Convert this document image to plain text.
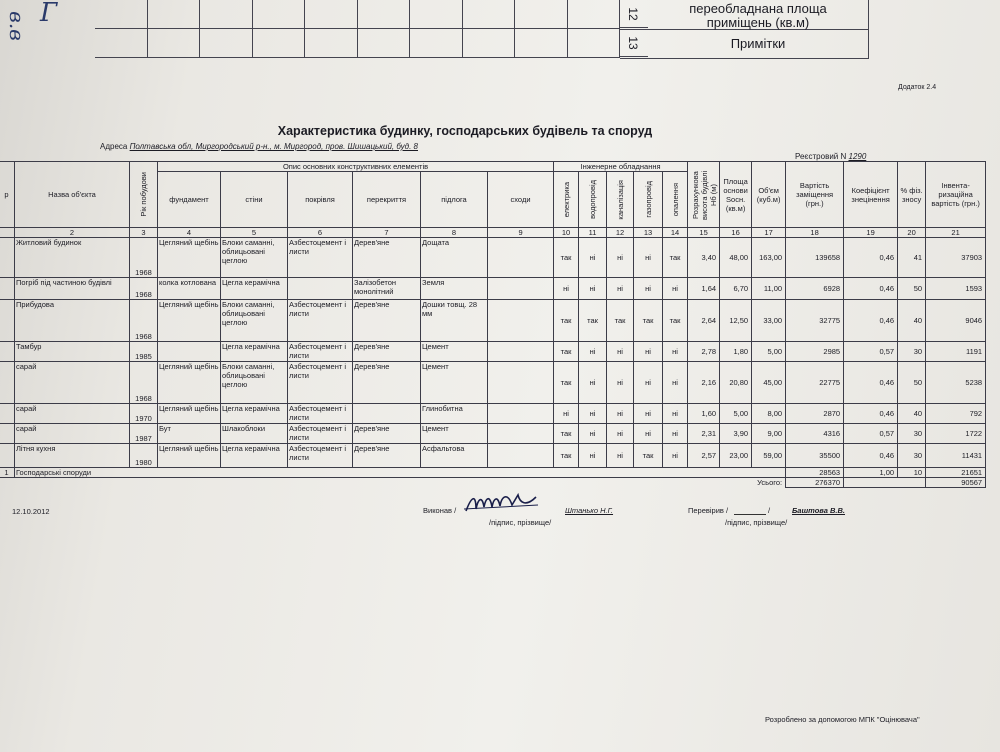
12	переобладнана площа
приміщень (кв.м)
13	Примітки
Г
в.в
Додаток 2.4
Характеристика будинку, господарських будівель та споруд
Адреса Полтавська обл, Миргородський р-н., м. Миргород, пров. Шишацький, буд. 8
Реєстровий N 1290
р	Назва об'єкта	Рік побудови	Опис основних конструктивних елементів						Інженерне обладнання					Розрахункова висота будівлі Нб (м)	Площа основи Sосн. (кв.м)	Об'єм (куб.м)	Вартість заміщення (грн.)	Коефіцієнт знецінення	% фіз. зносу	Інвента-ризаційна вартість (грн.)
			фундамент	стіни	покрівля	перекриття	підлога	сходи	електрика	водопровід	каналізація	газопровід	опалення							

	2	3	4	5	6	7	8	9	10	11	12	13	14	15	16	17	18	19	20	21
	Житловий будинок	1968	Цегляний щебінь	Блоки саманні, облицьовані цеглою	Азбестоцемент і листи	Дерев'яне	Дощата		так	ні	ні	ні	так	3,40	48,00	163,00	139658	0,46	41	37903
	Погріб під частиною будівлі	1968	колка котлована	Цегла керамічна		Залізобетон монолітний	Земля		ні	ні	ні	ні	ні	1,64	6,70	11,00	6928	0,46	50	1593
	Прибудова	1968	Цегляний щебінь	Блоки саманні, облицьовані цеглою	Азбестоцемент і листи	Дерев'яне	Дошки товщ. 28 мм		так	так	так	так	так	2,64	12,50	33,00	32775	0,46	40	9046
	Тамбур	1985		Цегла керамічна	Азбестоцемент і листи	Дерев'яне	Цемент		так	ні	ні	ні	ні	2,78	1,80	5,00	2985	0,57	30	1191
	сарай	1968	Цегляний щебінь	Блоки саманні, облицьовані цеглою	Азбестоцемент і листи	Дерев'яне	Цемент		так	ні	ні	ні	ні	2,16	20,80	45,00	22775	0,46	50	5238
	сарай	1970	Цегляний щебінь	Цегла керамічна	Азбестоцемент і листи		Глинобитна		ні	ні	ні	ні	ні	1,60	5,00	8,00	2870	0,46	40	792
	сарай	1987	Бут	Шлакоблоки	Азбестоцемент і листи	Дерев'яне	Цемент		так	ні	ні	ні	ні	2,31	3,90	9,00	4316	0,57	30	1722
	Літня кухня	1980	Цегляний щебінь	Цегла керамічна	Азбестоцемент і листи	Дерев'яне	Асфальтова		так	ні	ні	так	ні	2,57	23,00	59,00	35500	0,46	30	11431
1	Господарські споруди																28563	1,00	10	21651
Усього:																	276370			90567
12.10.2012	Виконав /	Штанько Н.Г.
/підпис, прізвище/
Перевірив /	/	Баштова В.В.
/підпис, прізвище/
Розроблено за допомогою МПК "Оцінювача"
